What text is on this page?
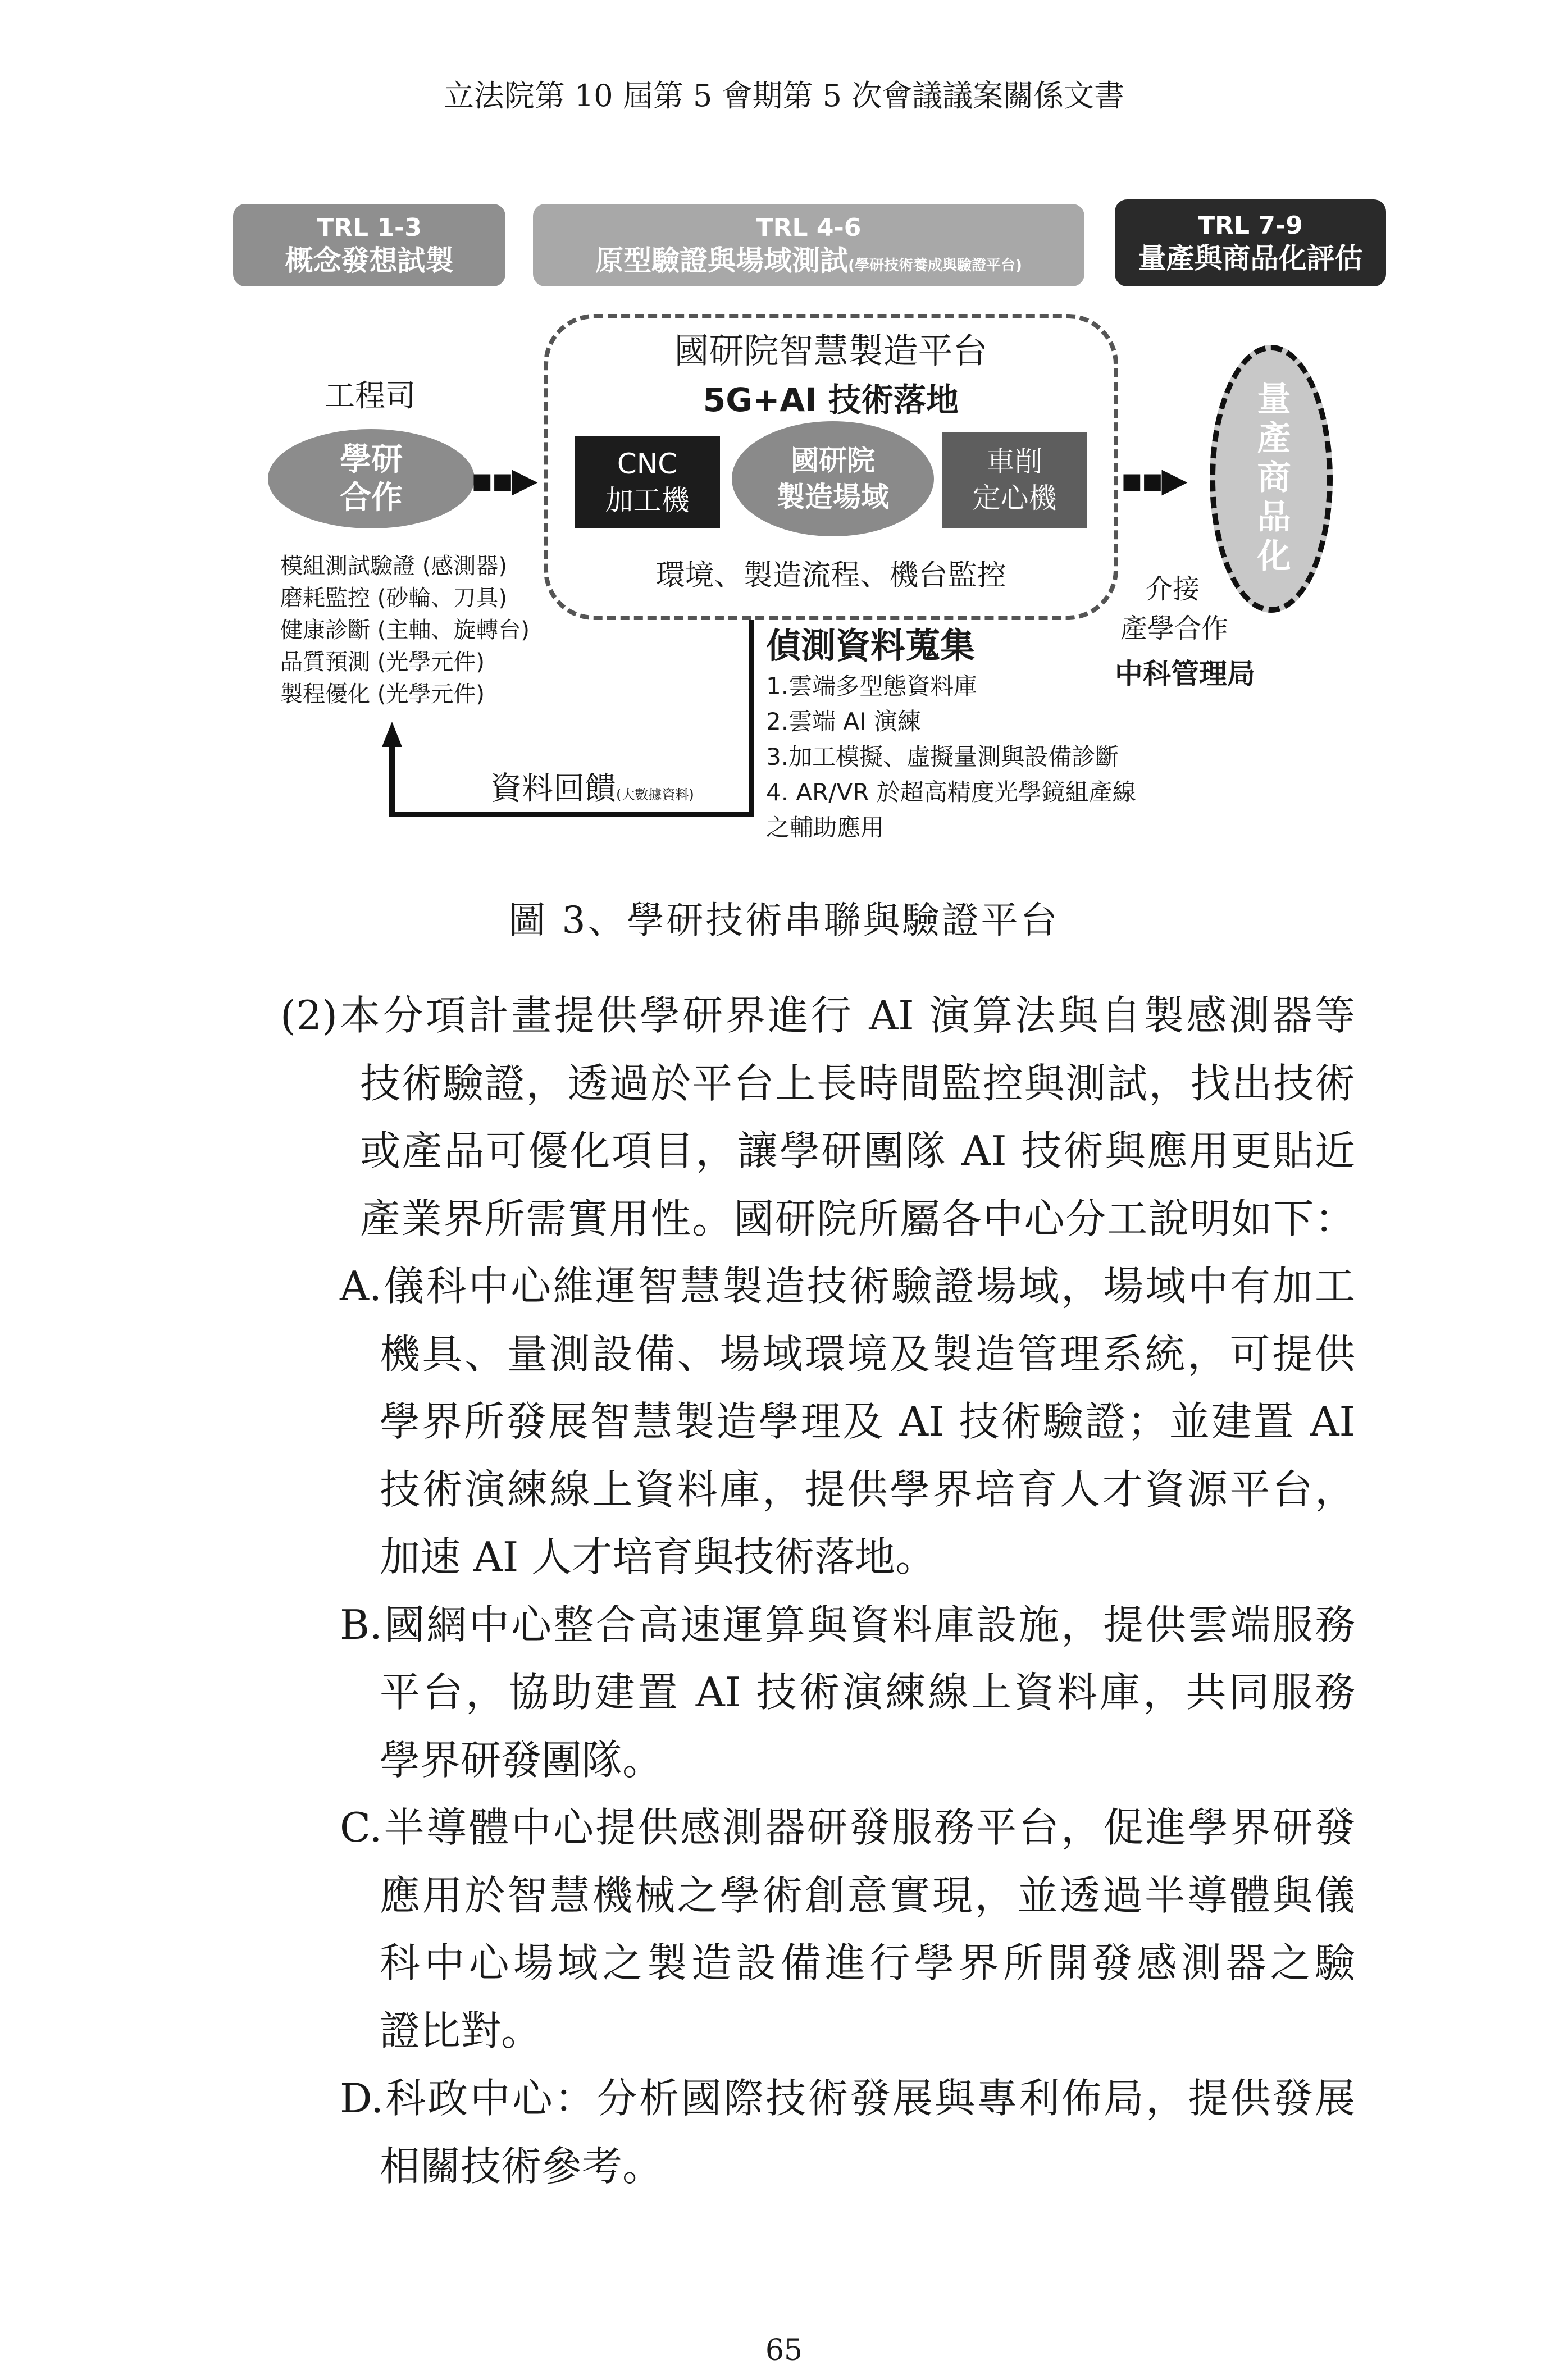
立法院第 10 屆第 5 會期第 5 次會議議案關係文書
TRL 1-3
概念發想試製
TRL 4-6
原型驗證與場域測試(學研技術養成與驗證平台)
TRL 7-9
量產與商品化評估
國研院智慧製造平台
5G+AI 技術落地
工程司
學研
合作 ▪▪▶	CNC
加工機
國研院
製造場域
車削
定心機
環境、製造流程、機台監控
模組測試驗證 (感測器)
磨耗監控 (砂輪、刀具)
健康診斷 (主軸、旋轉台)
品質預測 (光學元件)
製程優化 (光學元件)
▪▪▶ 量產商品化
介接
產學合作
中科管理局
偵測資料蒐集
1.雲端多型態資料庫
2.雲端 AI 演練
3.加工模擬、虛擬量測與設備診斷
4. AR/VR 於超高精度光學鏡組產線
之輔助應用
資料回饋(大數據資料)
圖 3、學研技術串聯與驗證平台
(2)本分項計畫提供學研界進行 AI 演算法與自製感測器等
技術驗證，透過於平台上長時間監控與測試，找出技術
或產品可優化項目，讓學研團隊 AI 技術與應用更貼近
產業界所需實用性。國研院所屬各中心分工說明如下：
A.儀科中心維運智慧製造技術驗證場域，場域中有加工
機具、量測設備、場域環境及製造管理系統，可提供
學界所發展智慧製造學理及 AI 技術驗證；並建置 AI
技術演練線上資料庫，提供學界培育人才資源平台，
加速 AI 人才培育與技術落地。
B.國網中心整合高速運算與資料庫設施，提供雲端服務
平台，協助建置 AI 技術演練線上資料庫，共同服務
學界研發團隊。
C.半導體中心提供感測器研發服務平台，促進學界研發
應用於智慧機械之學術創意實現，並透過半導體與儀
科中心場域之製造設備進行學界所開發感測器之驗
證比對。
D.科政中心：分析國際技術發展與專利佈局，提供發展
相關技術參考。
65
